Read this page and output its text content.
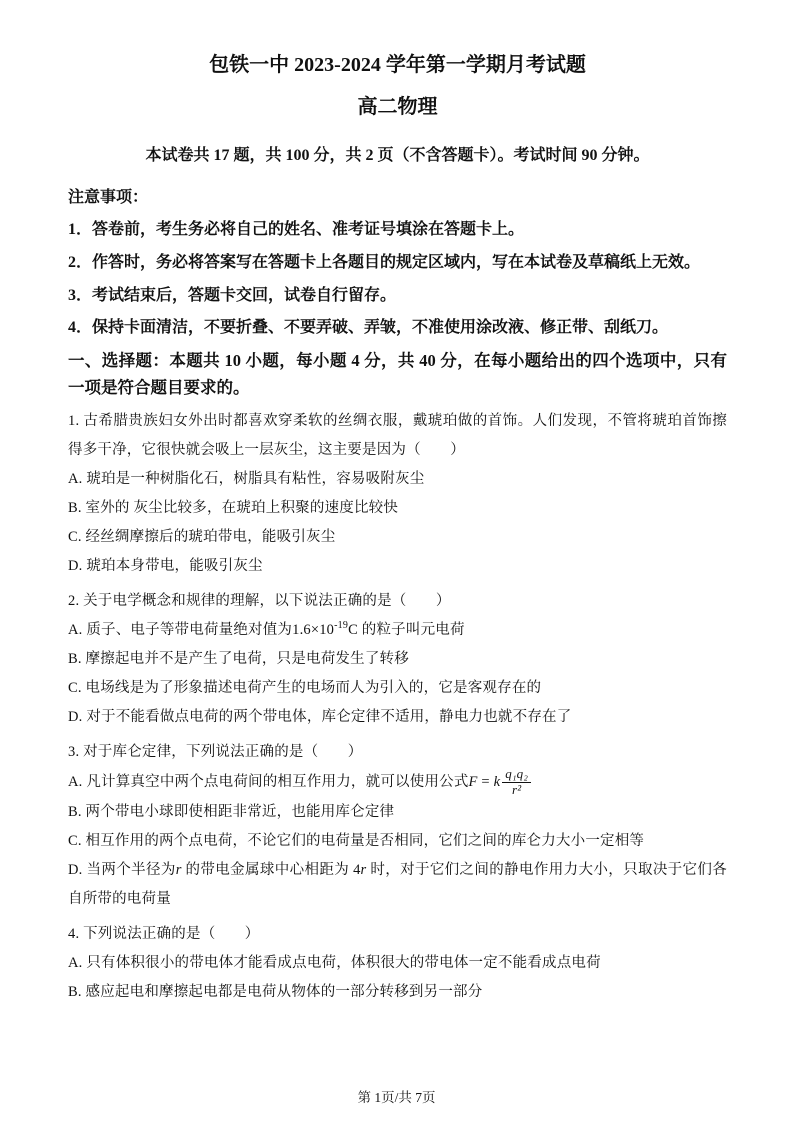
包铁一中 2023-2024 学年第一学期月考试题
高二物理

本试卷共 17 题，共 100 分，共 2 页（不含答题卡）。考试时间 90 分钟。

注意事项：

1．答卷前，考生务必将自己的姓名、准考证号填涂在答题卡上。

2．作答时，务必将答案写在答题卡上各题目的规定区域内，写在本试卷及草稿纸上无效。

3．考试结束后，答题卡交回，试卷自行留存。

4．保持卡面清洁，不要折叠、不要弄破、弄皱，不准使用涂改液、修正带、刮纸刀。

一、选择题：本题共 10 小题，每小题 4 分，共 40 分，在每小题给出的四个选项中，只有一项是符合题目要求的。

1. 古希腊贵族妇女外出时都喜欢穿柔软的丝绸衣服，戴琥珀做的首饰。人们发现，不管将琥珀首饰擦得多干净，它很快就会吸上一层灰尘，这主要是因为（　　）

A. 琥珀是一种树脂化石，树脂具有粘性，容易吸附灰尘

B. 室外的 灰尘比较多，在琥珀上积聚的速度比较快

C. 经丝绸摩擦后的琥珀带电，能吸引灰尘

D. 琥珀本身带电，能吸引灰尘

2. 关于电学概念和规律的理解，以下说法正确的是（　　）

A. 质子、电子等带电荷量绝对值为$1.6\times 10^{-19}C$ 的粒子叫元电荷

B. 摩擦起电并不是产生了电荷，只是电荷发生了转移

C. 电场线是为了形象描述电荷产生的电场而人为引入的，它是客观存在的

D. 对于不能看做点电荷的两个带电体，库仑定律不适用，静电力也就不存在了

3. 对于库仑定律，下列说法正确的是（　　）

A. 凡计算真空中两个点电荷间的相互作用力，就可以使用公式F = k $\frac{\text{q₁q₂}}{\text{r²}}$

B. 两个带电小球即使相距非常近，也能用库仑定律

C. 相互作用的两个点电荷，不论它们的电荷量是否相同，它们之间的库仑力大小一定相等

D. 当两个半径为r 的带电金属球中心相距为 4r 时，对于它们之间的静电作用力大小，只取决于它们各自所带的电荷量

4. 下列说法正确的是（　　）

A. 只有体积很小的带电体才能看成点电荷，体积很大的带电体一定不能看成点电荷

B. 感应起电和摩擦起电都是电荷从物体的一部分转移到另一部分

第 1页/共 7页
